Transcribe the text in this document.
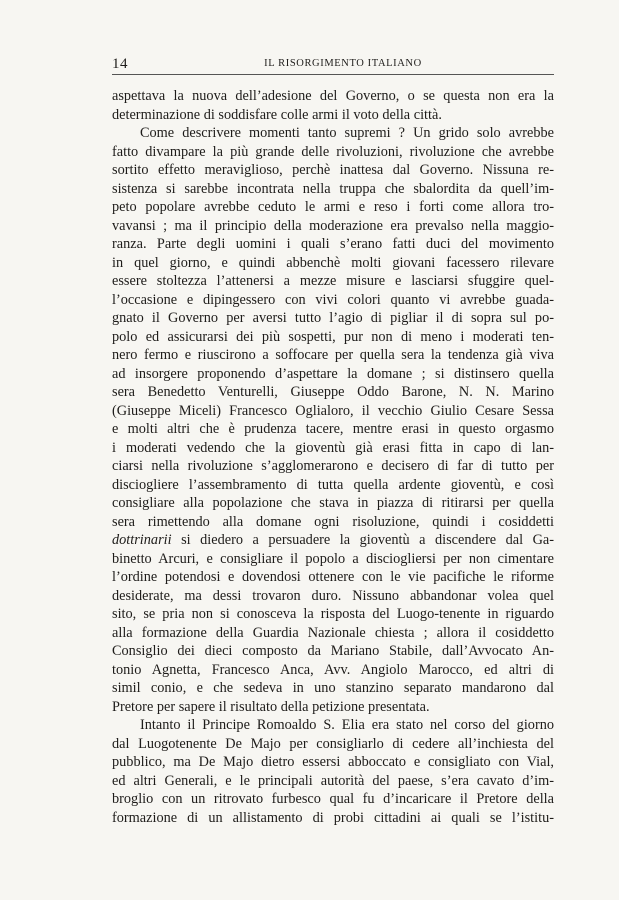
14	IL RISORGIMENTO ITALIANO
aspettava la nuova dell’adesione del Governo, o se questa non era la
determinazione di soddisfare colle armi il voto della città.
Come descrivere momenti tanto supremi ? Un grido solo avrebbe
fatto divampare la più grande delle rivoluzioni, rivoluzione che avrebbe
sortito effetto meraviglioso, perchè inattesa dal Governo. Nissuna re-
sistenza si sarebbe incontrata nella truppa che sbalordita da quell’im-
peto popolare avrebbe ceduto le armi e reso i forti come allora tro-
vavansi ; ma il principio della moderazione era prevalso nella maggio-
ranza. Parte degli uomini i quali s’erano fatti duci del movimento
in quel giorno, e quindi abbenchè molti giovani facessero rilevare
essere stoltezza l’attenersi a mezze misure e lasciarsi sfuggire quel-
l’occasione e dipingessero con vivi colori quanto vi avrebbe guada-
gnato il Governo per aversi tutto l’agio di pigliar il di sopra sul po-
polo ed assicurarsi dei più sospetti, pur non di meno i moderati ten-
nero fermo e riuscirono a soffocare per quella sera la tendenza già viva
ad insorgere proponendo d’aspettare la domane ; si distinsero quella
sera Benedetto Venturelli, Giuseppe Oddo Barone, N. N. Marino
(Giuseppe Miceli) Francesco Oglialoro, il vecchio Giulio Cesare Sessa
e molti altri che è prudenza tacere, mentre erasi in questo orgasmo
i moderati vedendo che la gioventù già erasi fitta in capo di lan-
ciarsi nella rivoluzione s’agglomerarono e decisero di far di tutto per
disciogliere l’assembramento di tutta quella ardente gioventù, e così
consigliare alla popolazione che stava in piazza di ritirarsi per quella
sera rimettendo alla domane ogni risoluzione, quindi i cosiddetti
dottrinarii si diedero a persuadere la gioventù a discendere dal Ga-
binetto Arcuri, e consigliare il popolo a disciogliersi per non cimentare
l’ordine potendosi e dovendosi ottenere con le vie pacifiche le riforme
desiderate, ma dessi trovaron duro. Nissuno abbandonar volea quel
sito, se pria non si conosceva la risposta del Luogo-tenente in riguardo
alla formazione della Guardia Nazionale chiesta ; allora il cosiddetto
Consiglio dei dieci composto da Mariano Stabile, dall’Avvocato An-
tonio Agnetta, Francesco Anca, Avv. Angiolo Marocco, ed altri di
simil conio, e che sedeva in uno stanzino separato mandarono dal
Pretore per sapere il risultato della petizione presentata.
Intanto il Principe Romoaldo S. Elia era stato nel corso del giorno
dal Luogotenente De Majo per consigliarlo di cedere all’inchiesta del
pubblico, ma De Majo dietro essersi abboccato e consigliato con Vial,
ed altri Generali, e le principali autorità del paese, s’era cavato d’im-
broglio con un ritrovato furbesco qual fu d’incaricare il Pretore della
formazione di un allistamento di probi cittadini ai quali se l’istitu-
